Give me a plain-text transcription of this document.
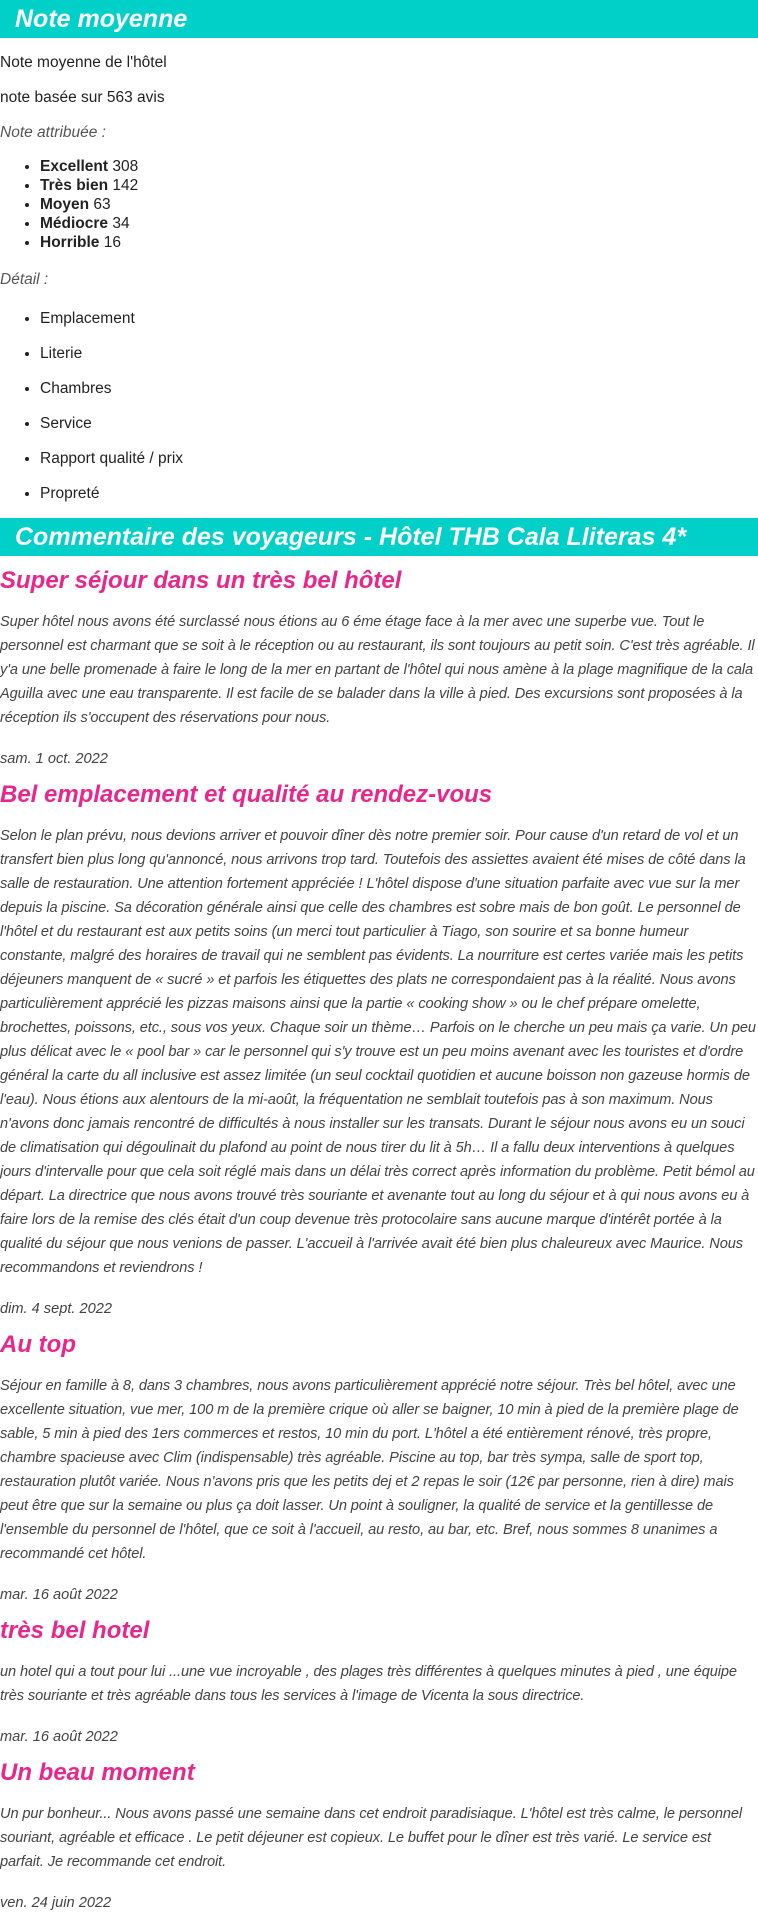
Note moyenne

Note moyenne de l'hôtel

note basée sur 563 avis

Note attribuée :

• Excellent 308
• Très bien 142
• Moyen 63
• Médiocre 34
• Horrible 16

Détail :

• Emplacement
• Literie
• Chambres
• Service
• Rapport qualité / prix
• Propreté
Commentaire des voyageurs - Hôtel THB Cala Lliteras 4*
Super séjour dans un très bel hôtel

Super hôtel nous avons été surclassé nous étions au 6 éme étage face à la mer avec une superbe vue. Tout le personnel est charmant que se soit à le réception ou au restaurant, ils sont toujours au petit soin. C'est très agréable. Il y'a une belle promenade à faire le long de la mer en partant de l'hôtel qui nous amène à la plage magnifique de la cala Aguilla avec une eau transparente. Il est facile de se balader dans la ville à pied. Des excursions sont proposées à la réception ils s'occupent des réservations pour nous.

sam. 1 oct. 2022

Bel emplacement et qualité au rendez-vous

Selon le plan prévu, nous devions arriver et pouvoir dîner dès notre premier soir. Pour cause d'un retard de vol et un transfert bien plus long qu'annoncé, nous arrivons trop tard. Toutefois des assiettes avaient été mises de côté dans la salle de restauration. Une attention fortement appréciée ! L'hôtel dispose d'une situation parfaite avec vue sur la mer depuis la piscine. Sa décoration générale ainsi que celle des chambres est sobre mais de bon goût. Le personnel de l'hôtel et du restaurant est aux petits soins (un merci tout particulier à Tiago, son sourire et sa bonne humeur constante, malgré des horaires de travail qui ne semblent pas évidents. La nourriture est certes variée mais les petits déjeuners manquent de « sucré » et parfois les étiquettes des plats ne correspondaient pas à la réalité. Nous avons particulièrement apprécié les pizzas maisons ainsi que la partie « cooking show » ou le chef prépare omelette, brochettes, poissons, etc., sous vos yeux. Chaque soir un thème… Parfois on le cherche un peu mais ça varie. Un peu plus délicat avec le « pool bar » car le personnel qui s'y trouve est un peu moins avenant avec les touristes et d'ordre général la carte du all inclusive est assez limitée (un seul cocktail quotidien et aucune boisson non gazeuse hormis de l'eau). Nous étions aux alentours de la mi-août, la fréquentation ne semblait toutefois pas à son maximum. Nous n'avons donc jamais rencontré de difficultés à nous installer sur les transats. Durant le séjour nous avons eu un souci de climatisation qui dégoulinait du plafond au point de nous tirer du lit à 5h… Il a fallu deux interventions à quelques jours d'intervalle pour que cela soit réglé mais dans un délai très correct après information du problème. Petit bémol au départ. La directrice que nous avons trouvé très souriante et avenante tout au long du séjour et à qui nous avons eu à faire lors de la remise des clés était d'un coup devenue très protocolaire sans aucune marque d'intérêt portée à la qualité du séjour que nous venions de passer. L'accueil à l'arrivée avait été bien plus chaleureux avec Maurice. Nous recommandons et reviendrons !

dim. 4 sept. 2022

Au top

Séjour en famille à 8, dans 3 chambres, nous avons particulièrement apprécié notre séjour. Très bel hôtel, avec une excellente situation, vue mer, 100 m de la première crique où aller se baigner, 10 min à pied de la première plage de sable, 5 min à pied des 1ers commerces et restos, 10 min du port. L'hôtel a été entièrement rénové, très propre, chambre spacieuse avec Clim (indispensable) très agréable. Piscine au top, bar très sympa, salle de sport top, restauration plutôt variée. Nous n'avons pris que les petits dej et 2 repas le soir (12€ par personne, rien à dire) mais peut être que sur la semaine ou plus ça doit lasser. Un point à souligner, la qualité de service et la gentillesse de l'ensemble du personnel de l'hôtel, que ce soit à l'accueil, au resto, au bar, etc. Bref, nous sommes 8 unanimes a recommandé cet hôtel.

mar. 16 août 2022

très bel hotel

un hotel qui a tout pour lui ...une vue incroyable , des plages très différentes à quelques minutes à pied , une équipe très souriante et très agréable dans tous les services à l'image de Vicenta la sous directrice.

mar. 16 août 2022

Un beau moment

Un pur bonheur... Nous avons passé une semaine dans cet endroit paradisiaque. L'hôtel est très calme, le personnel souriant, agréable et efficace . Le petit déjeuner est copieux. Le buffet pour le dîner est très varié. Le service est parfait. Je recommande cet endroit.

ven. 24 juin 2022
